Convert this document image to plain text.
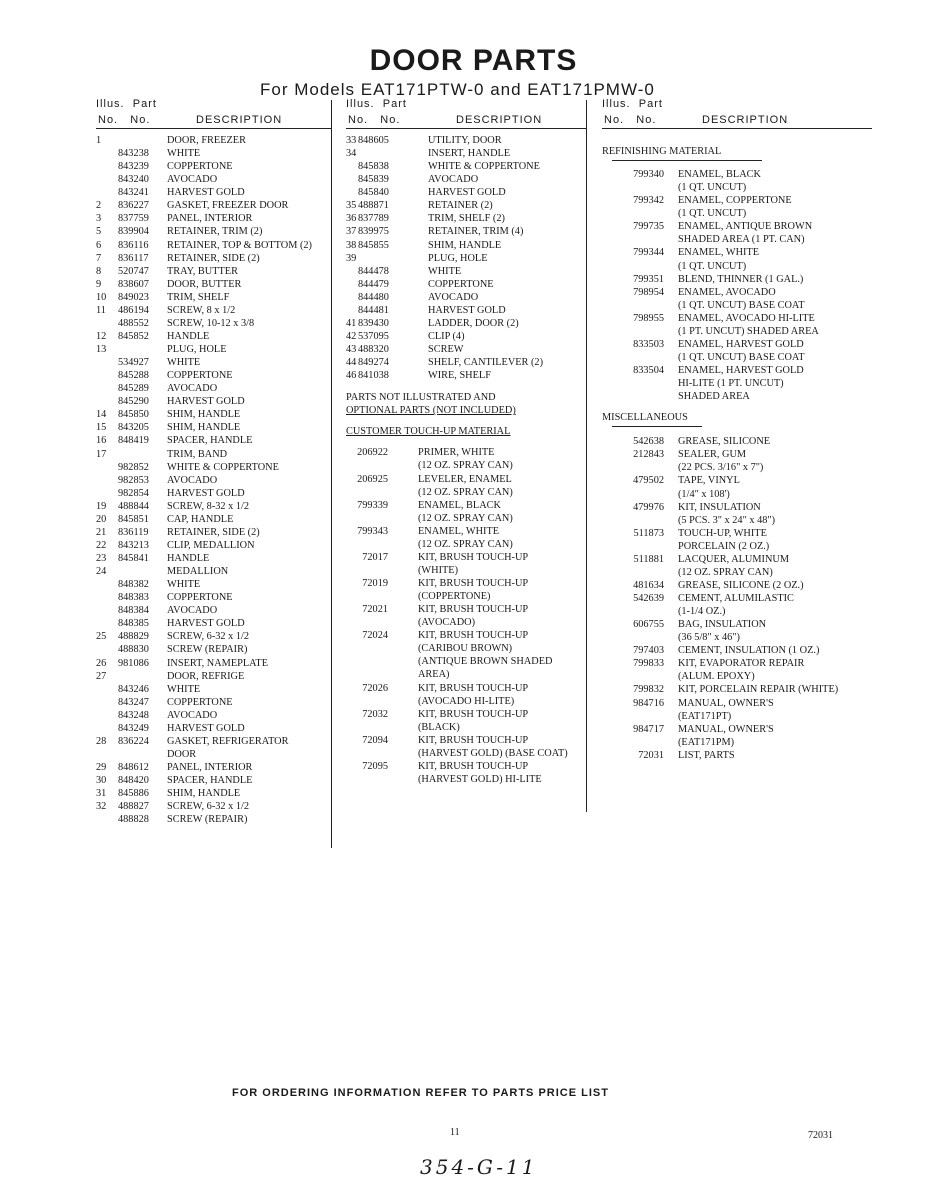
DOOR PARTS
For Models EAT171PTW-0 and EAT171PMW-0
Illus. Part
No. No.	DESCRIPTION
1	DOOR, FREEZER
843238 WHITE
843239 COPPERTONE
843240 AVOCADO
843241 HARVEST GOLD
2 836227 GASKET, FREEZER DOOR
3 837759 PANEL, INTERIOR
5 839904 RETAINER, TRIM (2)
6 836116 RETAINER, TOP & BOTTOM (2)
7 836117 RETAINER, SIDE (2)
8 520747 TRAY, BUTTER
9 838607 DOOR, BUTTER
10 849023 TRIM, SHELF
11 486194 SCREW, 8 x 1/2
488552 SCREW, 10-12 x 3/8
12 845852 HANDLE
13	PLUG, HOLE
534927 WHITE
845288 COPPERTONE
845289 AVOCADO
845290 HARVEST GOLD
14 845850 SHIM, HANDLE
15 843205 SHIM, HANDLE
16 848419 SPACER, HANDLE
17	TRIM, BAND
982852 WHITE & COPPERTONE
982853 AVOCADO
982854 HARVEST GOLD
19 488844 SCREW, 8-32 x 1/2
20 845851 CAP, HANDLE
21 836119 RETAINER, SIDE (2)
22 843213 CLIP, MEDALLION
23 845841 HANDLE
24	MEDALLION
848382 WHITE
848383 COPPERTONE
848384 AVOCADO
848385 HARVEST GOLD
25 488829 SCREW, 6-32 x 1/2
488830 SCREW (REPAIR)
26 981086 INSERT, NAMEPLATE
27	DOOR, REFRIGE
843246 WHITE
843247 COPPERTONE
843248 AVOCADO
843249 HARVEST GOLD
28 836224 GASKET, REFRIGERATOR
DOOR
29 848612 PANEL, INTERIOR
30 848420 SPACER, HANDLE
31 845886 SHIM, HANDLE
32 488827 SCREW, 6-32 x 1/2
488828 SCREW (REPAIR)
Illus. Part
No. No.	DESCRIPTION
33 848605	UTILITY, DOOR
34	INSERT, HANDLE
845838	WHITE & COPPERTONE
845839	AVOCADO
845840	HARVEST GOLD
35 488871	RETAINER (2)
36 837789	TRIM, SHELF (2)
37 839975	RETAINER, TRIM (4)
38 845855	SHIM, HANDLE
39	PLUG, HOLE
844478	WHITE
844479	COPPERTONE
844480	AVOCADO
844481	HARVEST GOLD
41 839430	LADDER, DOOR (2)
42 537095	CLIP (4)
43 488320	SCREW
44 849274	SHELF, CANTILEVER (2)
46 841038	WIRE, SHELF
PARTS NOT ILLUSTRATED AND
OPTIONAL PARTS (NOT INCLUDED)
CUSTOMER TOUCH-UP MATERIAL
206922	PRIMER, WHITE
(12 OZ. SPRAY CAN)
206925	LEVELER, ENAMEL
(12 OZ. SPRAY CAN)
799339	ENAMEL, BLACK
(12 OZ. SPRAY CAN)
799343	ENAMEL, WHITE
(12 OZ. SPRAY CAN)
72017	KIT, BRUSH TOUCH-UP
(WHITE)
72019	KIT, BRUSH TOUCH-UP
(COPPERTONE)
72021	KIT, BRUSH TOUCH-UP
(AVOCADO)
72024	KIT, BRUSH TOUCH-UP
(CARIBOU BROWN)
(ANTIQUE BROWN SHADED
AREA)
72026	KIT, BRUSH TOUCH-UP
(AVOCADO HI-LITE)
72032	KIT, BRUSH TOUCH-UP
(BLACK)
72094	KIT, BRUSH TOUCH-UP
(HARVEST GOLD) (BASE COAT)
72095	KIT, BRUSH TOUCH-UP
(HARVEST GOLD) HI-LITE
Illus. Part
No. No.	DESCRIPTION
REFINISHING MATERIAL
799340 ENAMEL, BLACK
(1 QT. UNCUT)
799342 ENAMEL, COPPERTONE
(1 QT. UNCUT)
799735 ENAMEL, ANTIQUE BROWN
SHADED AREA (1 PT. CAN)
799344 ENAMEL, WHITE
(1 QT. UNCUT)
799351 BLEND, THINNER (1 GAL.)
798954 ENAMEL, AVOCADO
(1 QT. UNCUT) BASE COAT
798955 ENAMEL, AVOCADO HI-LITE
(1 PT. UNCUT) SHADED AREA
833503 ENAMEL, HARVEST GOLD
(1 QT. UNCUT) BASE COAT
833504 ENAMEL, HARVEST GOLD
HI-LITE (1 PT. UNCUT)
SHADED AREA
MISCELLANEOUS
542638 GREASE, SILICONE
212843 SEALER, GUM
(22 PCS. 3/16" x 7")
479502 TAPE, VINYL
(1/4" x 108')
479976 KIT, INSULATION
(5 PCS. 3" x 24" x 48")
511873 TOUCH-UP, WHITE
PORCELAIN (2 OZ.)
511881 LACQUER, ALUMINUM
(12 OZ. SPRAY CAN)
481634 GREASE, SILICONE (2 OZ.)
542639 CEMENT, ALUMILASTIC
(1-1/4 OZ.)
606755 BAG, INSULATION
(36 5/8" x 46")
797403 CEMENT, INSULATION (1 OZ.)
799833 KIT, EVAPORATOR REPAIR
(ALUM. EPOXY)
799832 KIT, PORCELAIN REPAIR (WHITE)
984716 MANUAL, OWNER'S
(EAT171PT)
984717 MANUAL, OWNER'S
(EAT171PM)
72031 LIST, PARTS
FOR ORDERING INFORMATION REFER TO PARTS PRICE LIST
11	72031
354-G-11
